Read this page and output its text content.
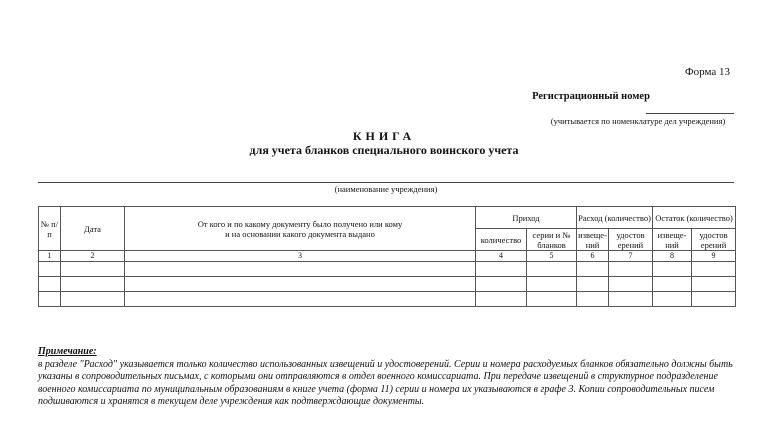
Форма 13
Регистрационный номер
(учитывается по номенклатуре дел учреждения)
КНИГА
для учета бланков специального воинского учета
(наименование учреждения)
№ п/п	Дата	От кого и по какому документу было получено или кому и на основании какого документа выдано	Приход		Расход (количество)		Остаток (количество)	
			количество	серии и № бланков	извеще-ний	удостов ерений	извеще-ний	удостов ерений
1	2	3	4	5	6	7	8	9

Примечание:
в разделе "Расход" указывается только количество использованных извещений и удостоверений. Серии и номера расходуемых бланков обязательно должны быть указаны в сопроводительных письмах, с которыми они отправляются в отдел военного комиссариата. При передаче извещений в структурное подразделение военного комиссариата по муниципальным образованиям в книге учета (форма 11) серии и номера их указываются в графе 3. Копии сопроводительных писем подшиваются и хранятся в текущем деле учреждения как подтверждающие документы.
